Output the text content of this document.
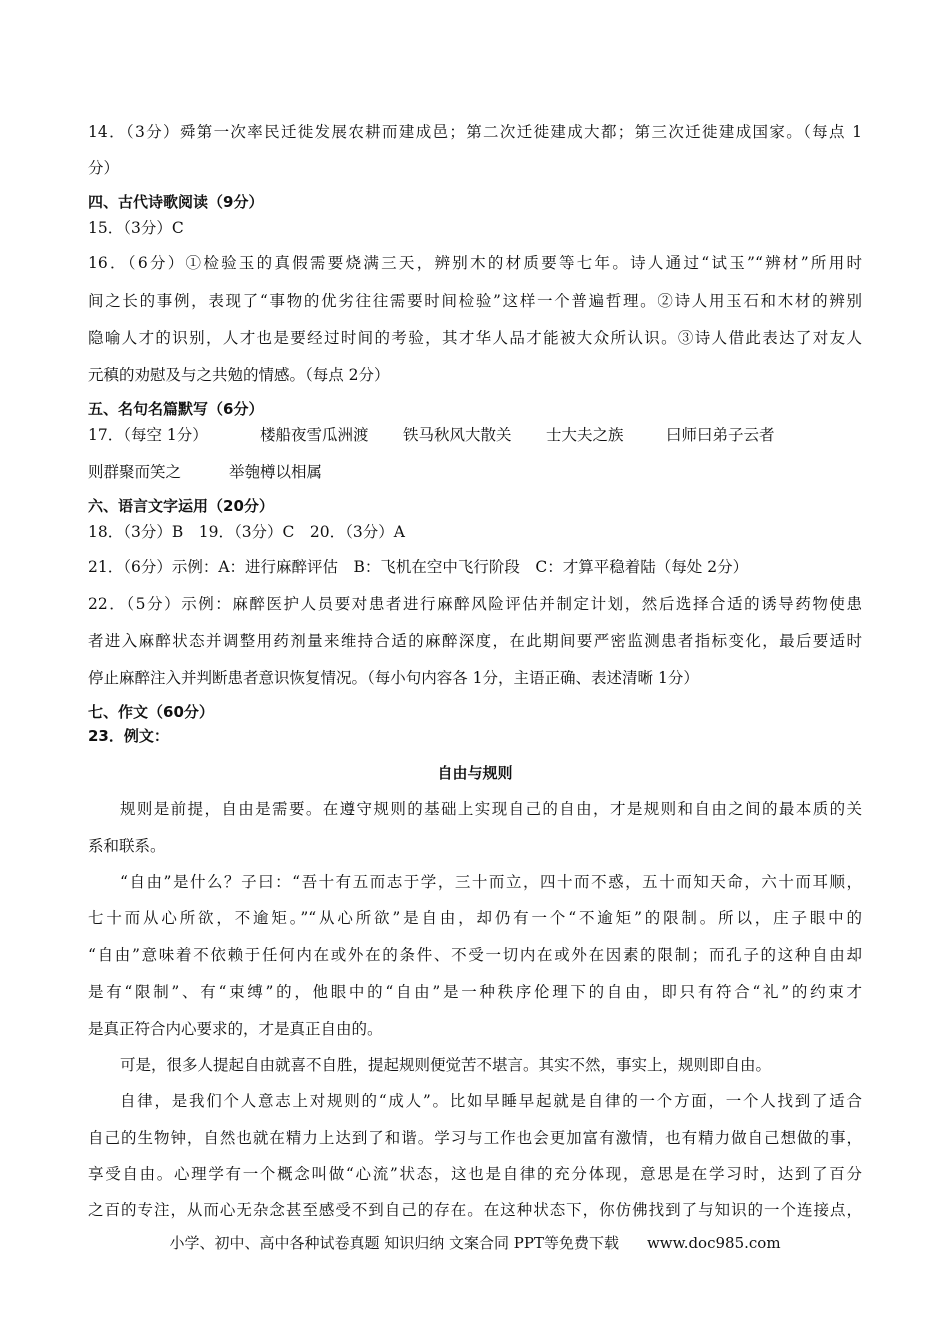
14．（3分）舜第一次率民迁徙发展农耕而建成邑；第二次迁徙建成大都；第三次迁徙建成国家。（每点 1
分）
四、古代诗歌阅读（9分）
15．（3分）C
16．（6分）①检验玉的真假需要烧满三天，辨别木的材质要等七年。诗人通过“试玉”“辨材”所用时
间之长的事例，表现了“事物的优劣往往需要时间检验”这样一个普遍哲理。②诗人用玉石和木材的辨别
隐喻人才的识别，人才也是要经过时间的考验，其才华人品才能被大众所认识。③诗人借此表达了对友人
元稹的劝慰及与之共勉的情感。（每点 2分）
五、名句名篇默写（6分）
17．（每空 1分）	楼船夜雪瓜洲渡 铁马秋风大散关 士大夫之族	曰师曰弟子云者
则群聚而笑之	举匏樽以相属
六、语言文字运用（20分）
18．（3分）B　19．（3分）C　20．（3分）A
21．（6分）示例：A：进行麻醉评估　B：飞机在空中飞行阶段　C：才算平稳着陆（每处 2分）
22．（5分）示例：麻醉医护人员要对患者进行麻醉风险评估并制定计划，然后选择合适的诱导药物使患
者进入麻醉状态并调整用药剂量来维持合适的麻醉深度，在此期间要严密监测患者指标变化，最后要适时
停止麻醉注入并判断患者意识恢复情况。（每小句内容各 1分，主语正确、表述清晰 1分）
七、作文（60分）
23．例文：
自由与规则
规则是前提，自由是需要。在遵守规则的基础上实现自己的自由，才是规则和自由之间的最本质的关
系和联系。
“自由”是什么？子曰：“吾十有五而志于学，三十而立，四十而不惑，五十而知天命，六十而耳顺，
七十而从心所欲，不逾矩。”“从心所欲”是自由，却仍有一个“不逾矩”的限制。所以，庄子眼中的
“自由”意味着不依赖于任何内在或外在的条件、不受一切内在或外在因素的限制；而孔子的这种自由却
是有“限制”、有“束缚”的，他眼中的“自由”是一种秩序伦理下的自由，即只有符合“礼”的约束才
是真正符合内心要求的，才是真正自由的。
可是，很多人提起自由就喜不自胜，提起规则便觉苦不堪言。其实不然，事实上，规则即自由。
自律，是我们个人意志上对规则的“成人”。比如早睡早起就是自律的一个方面，一个人找到了适合
自己的生物钟，自然也就在精力上达到了和谐。学习与工作也会更加富有激情，也有精力做自己想做的事，
享受自由。心理学有一个概念叫做“心流”状态，这也是自律的充分体现，意思是在学习时，达到了百分
之百的专注，从而心无杂念甚至感受不到自己的存在。在这种状态下，你仿佛找到了与知识的一个连接点，
小学、初中、高中各种试卷真题 知识归纳 文案合同 PPT等免费下载 www.doc985.com
